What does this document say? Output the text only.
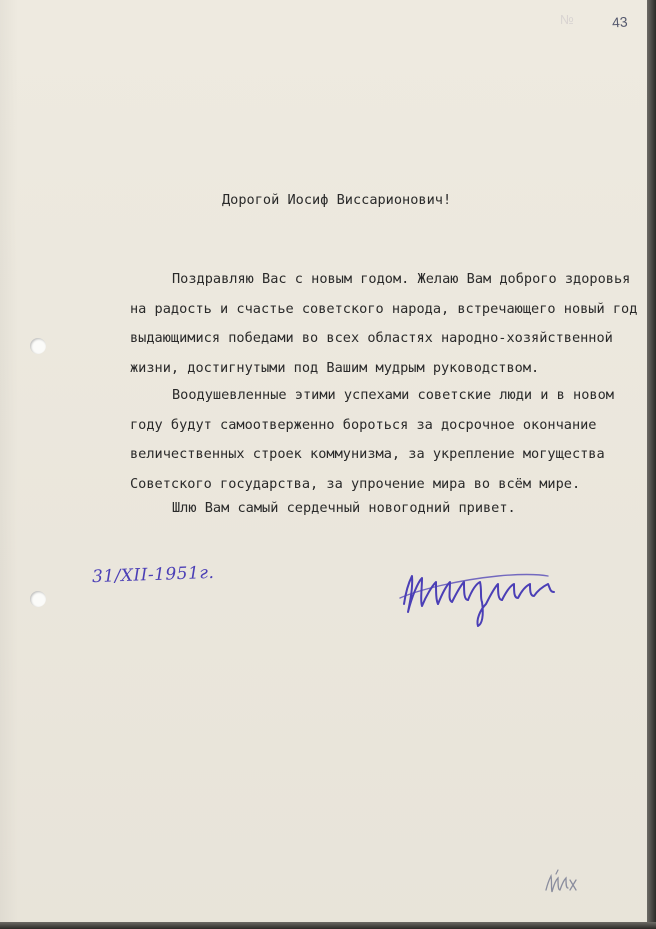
№	43
Дорогой Иосиф Виссарионович!
Поздравляю Вас с новым годом. Желаю Вам доброго здоровья
на радость и счастье советского народа, встречающего новый год
выдающимися победами во всех областях народно-хозяйственной
жизни, достигнутыми под Вашим мудрым руководством.
Воодушевленные этими успехами советские люди и в новом
году будут самоотверженно бороться за досрочное окончание
величественных строек коммунизма, за укрепление могущества
Советского государства, за упрочение мира во всём мире.
Шлю Вам самый сердечный новогодний привет.
31/XII-1951г.
